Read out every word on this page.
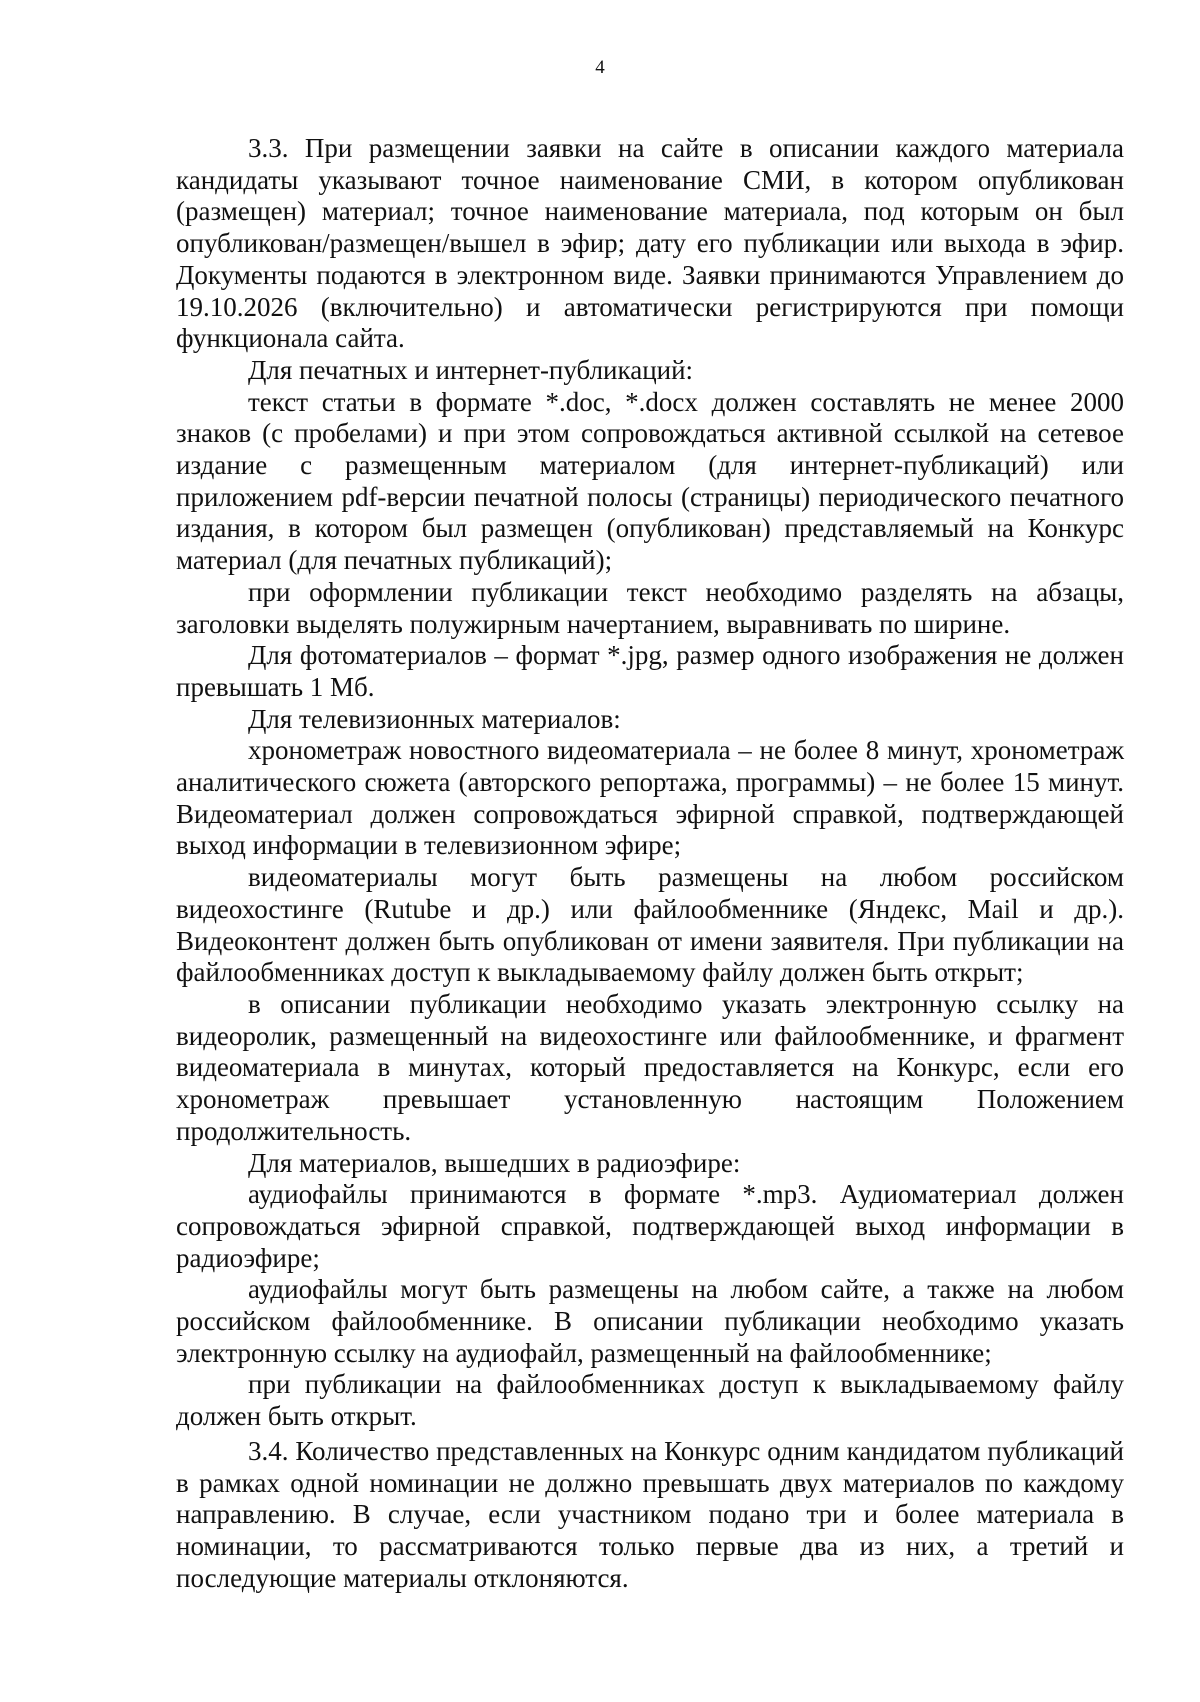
4

3.3. При размещении заявки на сайте в описании каждого материала кандидаты указывают точное наименование СМИ, в котором опубликован (размещен) материал; точное наименование материала, под которым он был опубликован/размещен/вышел в эфир; дату его публикации или выхода в эфир. Документы подаются в электронном виде. Заявки принимаются Управлением до 19.10.2026 (включительно) и автоматически регистрируются при помощи функционала сайта.

Для печатных и интернет-публикаций:

текст статьи в формате *.doc, *.docx должен составлять не менее 2000 знаков (с пробелами) и при этом сопровождаться активной ссылкой на сетевое издание с размещенным материалом (для интернет-публикаций) или приложением pdf-версии печатной полосы (страницы) периодического печатного издания, в котором был размещен (опубликован) представляемый на Конкурс материал (для печатных публикаций);

при оформлении публикации текст необходимо разделять на абзацы, заголовки выделять полужирным начертанием, выравнивать по ширине.

Для фотоматериалов – формат *.jpg, размер одного изображения не должен превышать 1 Мб.

Для телевизионных материалов:

хронометраж новостного видеоматериала – не более 8 минут, хронометраж аналитического сюжета (авторского репортажа, программы) – не более 15 минут. Видеоматериал должен сопровождаться эфирной справкой, подтверждающей выход информации в телевизионном эфире;

видеоматериалы могут быть размещены на любом российском видеохостинге (Rutube и др.) или файлообменнике (Яндекс, Mail и др.). Видеоконтент должен быть опубликован от имени заявителя. При публикации на файлообменниках доступ к выкладываемому файлу должен быть открыт;

в описании публикации необходимо указать электронную ссылку на видеоролик, размещенный на видеохостинге или файлообменнике, и фрагмент видеоматериала в минутах, который предоставляется на Конкурс, если его хронометраж превышает установленную настоящим Положением продолжительность.

Для материалов, вышедших в радиоэфире:

аудиофайлы принимаются в формате *.mp3. Аудиоматериал должен сопровождаться эфирной справкой, подтверждающей выход информации в радиоэфире;

аудиофайлы могут быть размещены на любом сайте, а также на любом российском файлообменнике. В описании публикации необходимо указать электронную ссылку на аудиофайл, размещенный на файлообменнике;

при публикации на файлообменниках доступ к выкладываемому файлу должен быть открыт.

3.4. Количество представленных на Конкурс одним кандидатом публикаций в рамках одной номинации не должно превышать двух материалов по каждому направлению. В случае, если участником подано три и более материала в номинации, то рассматриваются только первые два из них, а третий и последующие материалы отклоняются.
